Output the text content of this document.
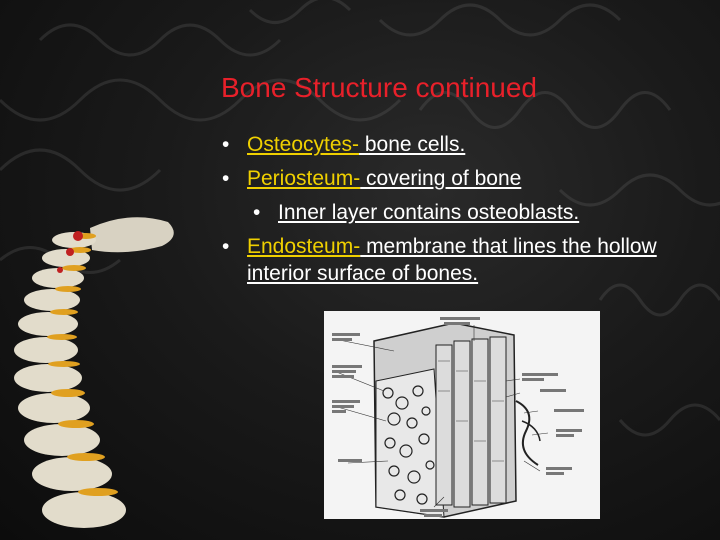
Bone Structure continued
• Osteocytes- bone cells.
• Periosteum- covering of bone
• Inner layer contains osteoblasts.
• Endosteum- membrane that lines the hollow interior surface of bones.
